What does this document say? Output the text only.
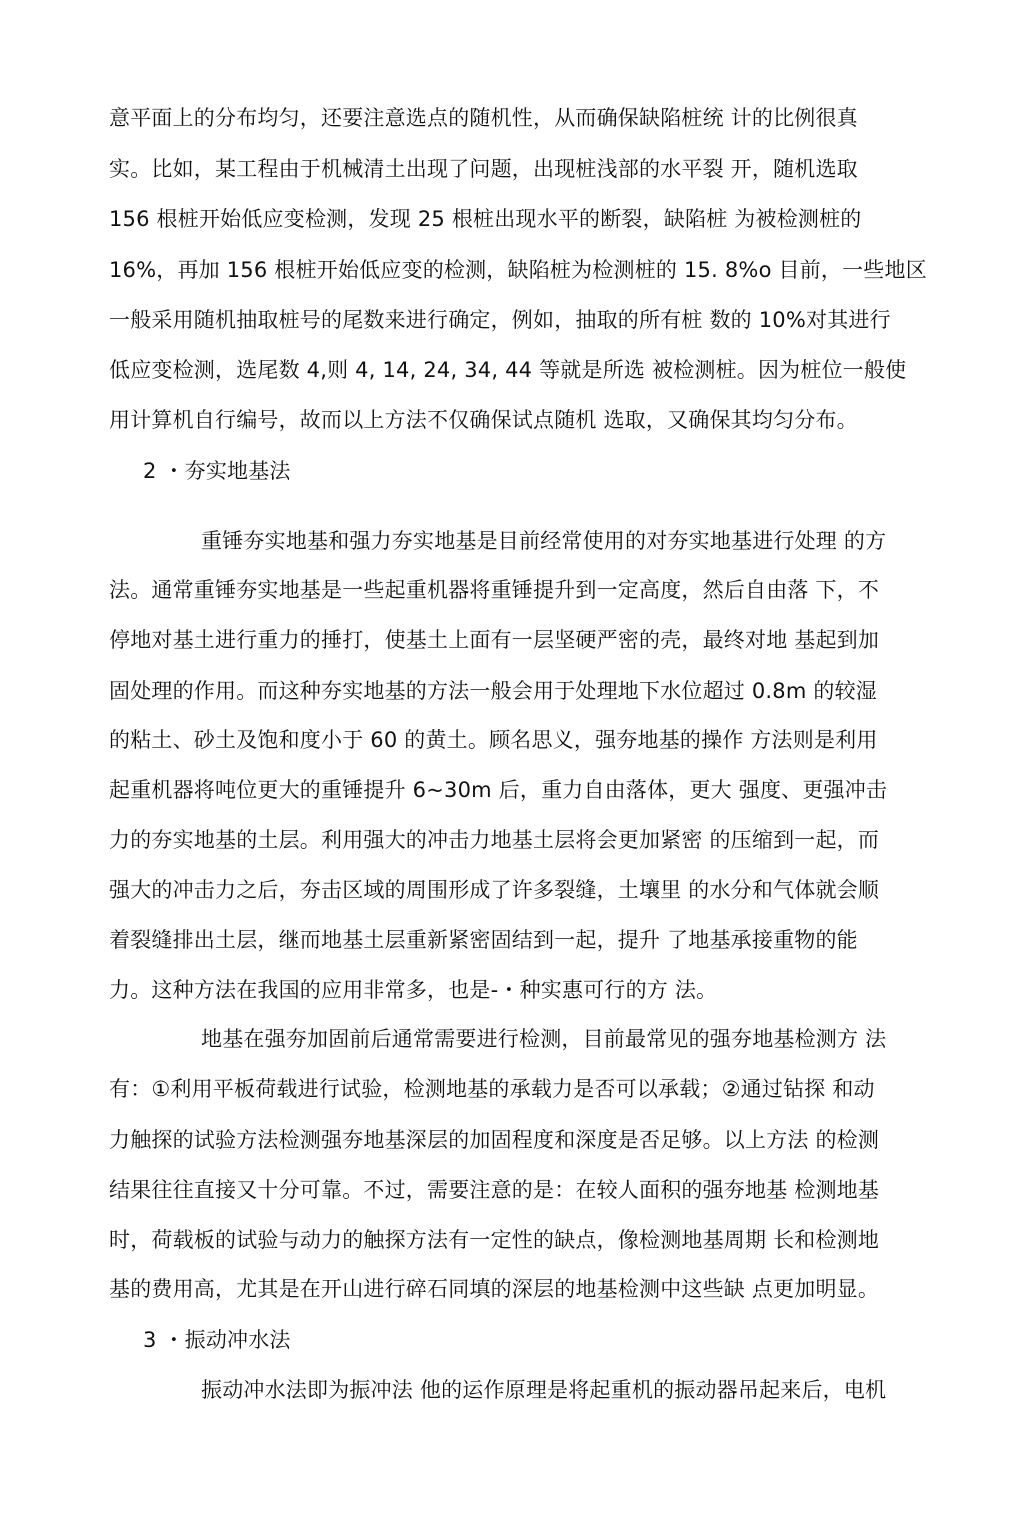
意平面上的分布均匀，还要注意选点的随机性，从而确保缺陷桩统 计的比例很真
实。比如，某工程由于机械清土出现了问题，出现桩浅部的水平裂 开，随机选取
156 根桩开始低应变检测，发现 25 根桩出现水平的断裂，缺陷桩 为被检测桩的
16%，再加 156 根桩开始低应变的检测，缺陷桩为检测桩的 15. 8%o 目前，一些地区
一般采用随机抽取桩号的尾数来进行确定，例如，抽取的所有桩 数的 10%对其进行
低应变检测，选尾数 4,则 4, 14, 24, 34, 44 等就是所选 被检测桩。因为桩位一般使
用计算机自行编号，故而以上方法不仅确保试点随机 选取，又确保其均匀分布。
2 ・夯实地基法
重锤夯实地基和强力夯实地基是目前经常使用的对夯实地基进行处理 的方
法。通常重锤夯实地基是一些起重机器将重锤提升到一定高度，然后自由落 下，不
停地对基土进行重力的捶打，使基土上面有一层坚硬严密的壳，最终对地 基起到加
固处理的作用。而这种夯实地基的方法一般会用于处理地下水位超过 0.8m 的较湿
的粘土、砂土及饱和度小于 60 的黄土。顾名思义，强夯地基的操作 方法则是利用
起重机器将吨位更大的重锤提升 6~30m 后，重力自由落体，更大 强度、更强冲击
力的夯实地基的土层。利用强大的冲击力地基土层将会更加紧密 的压缩到一起，而
强大的冲击力之后，夯击区域的周围形成了许多裂缝，土壤里 的水分和气体就会顺
着裂缝排出土层，继而地基土层重新紧密固结到一起，提升 了地基承接重物的能
力。这种方法在我国的应用非常多，也是-・种实惠可行的方 法。
地基在强夯加固前后通常需要进行检测，目前最常见的强夯地基检测方 法
有：①利用平板荷载进行试验，检测地基的承载力是否可以承载；②通过钻探 和动
力触探的试验方法检测强夯地基深层的加固程度和深度是否足够。以上方法 的检测
结果往往直接又十分可靠。不过，需要注意的是：在较人面积的强夯地基 检测地基
时，荷载板的试验与动力的触探方法有一定性的缺点，像检测地基周期 长和检测地
基的费用高，尤其是在开山进行碎石同填的深层的地基检测中这些缺 点更加明显。
3 ・振动冲水法
振动冲水法即为振冲法 他的运作原理是将起重机的振动器吊起来后，电机
